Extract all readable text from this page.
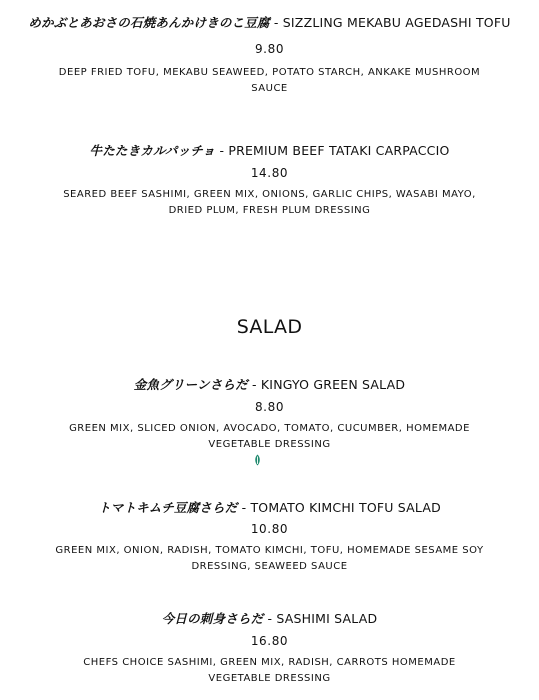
めかぶとあおさの石焼あんかけきのこ豆腐 - SIZZLING MEKABU AGEDASHI TOFU

9.80

DEEP FRIED TOFU, MEKABU SEAWEED, POTATO STARCH, ANKAKE MUSHROOM
SAUCE

牛たたきカルパッチョ - PREMIUM BEEF TATAKI CARPACCIO

14.80

SEARED BEEF SASHIMI, GREEN MIX, ONIONS, GARLIC CHIPS, WASABI MAYO,
DRIED PLUM, FRESH PLUM DRESSING

SALAD

金魚グリーンさらだ - KINGYO GREEN SALAD

8.80

GREEN MIX, SLICED ONION, AVOCADO, TOMATO, CUCUMBER, HOMEMADE
VEGETABLE DRESSING

トマトキムチ豆腐さらだ - TOMATO KIMCHI TOFU SALAD

10.80

GREEN MIX, ONION, RADISH, TOMATO KIMCHI, TOFU, HOMEMADE SESAME SOY
DRESSING, SEAWEED SAUCE

今日の刺身さらだ - SASHIMI SALAD

16.80

CHEFS CHOICE SASHIMI, GREEN MIX, RADISH, CARROTS HOMEMADE
VEGETABLE DRESSING
